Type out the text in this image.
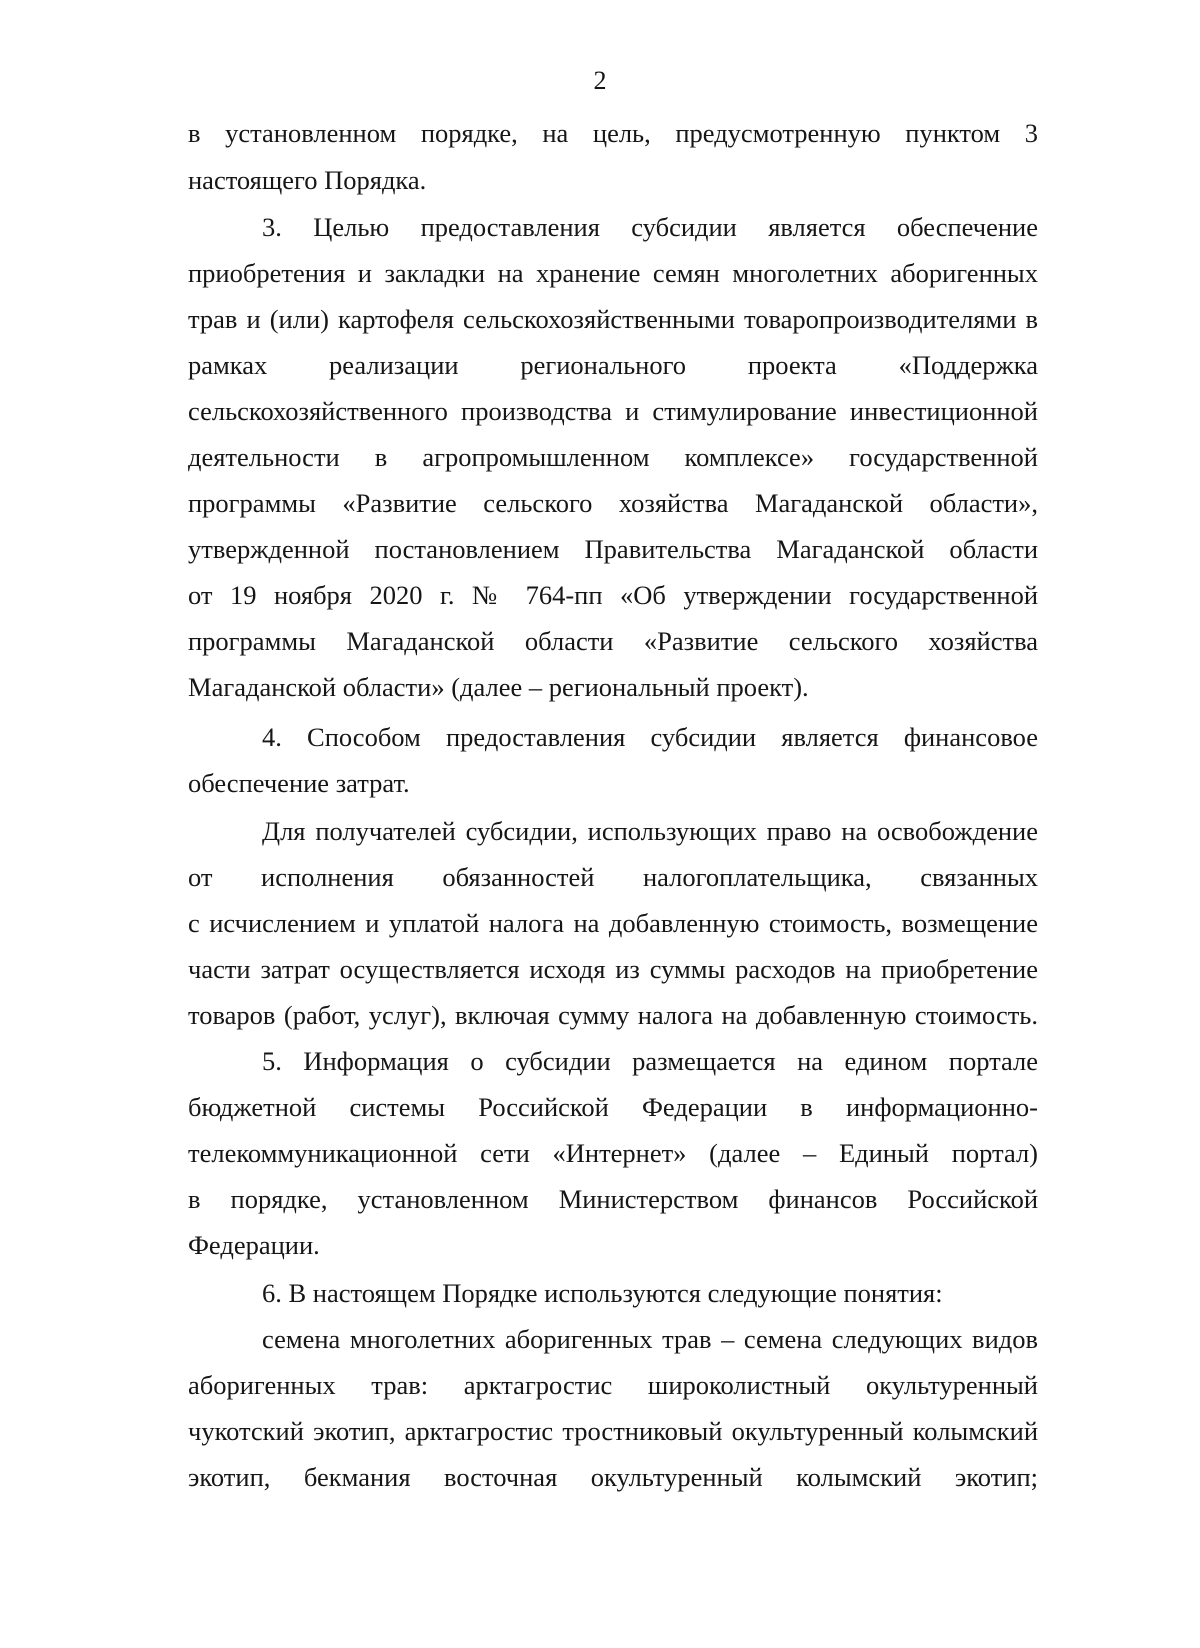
2
в установленном порядке, на цель, предусмотренную пунктом 3
настоящего Порядка.
3. Целью предоставления субсидии является обеспечение
приобретения и закладки на хранение семян многолетних аборигенных
трав и (или) картофеля сельскохозяйственными товаропроизводителями в
рамках реализации регионального проекта «Поддержка
сельскохозяйственного производства и стимулирование инвестиционной
деятельности в агропромышленном комплексе» государственной
программы «Развитие сельского хозяйства Магаданской области»,
утвержденной постановлением Правительства Магаданской области
от 19 ноября 2020 г. № 764-пп «Об утверждении государственной
программы Магаданской области «Развитие сельского хозяйства
Магаданской области» (далее – региональный проект).
4. Способом предоставления субсидии является финансовое
обеспечение затрат.
Для получателей субсидии, использующих право на освобождение
от исполнения обязанностей налогоплательщика, связанных
с исчислением и уплатой налога на добавленную стоимость, возмещение
части затрат осуществляется исходя из суммы расходов на приобретение
товаров (работ, услуг), включая сумму налога на добавленную стоимость.
5. Информация о субсидии размещается на едином портале
бюджетной системы Российской Федерации в информационно-
телекоммуникационной сети «Интернет» (далее – Единый портал)
в порядке, установленном Министерством финансов Российской
Федерации.
6. В настоящем Порядке используются следующие понятия:
семена многолетних аборигенных трав – семена следующих видов
аборигенных трав: арктагростис широколистный окультуренный
чукотский экотип, арктагростис тростниковый окультуренный колымский
экотип, бекмания восточная окультуренный колымский экотип;
